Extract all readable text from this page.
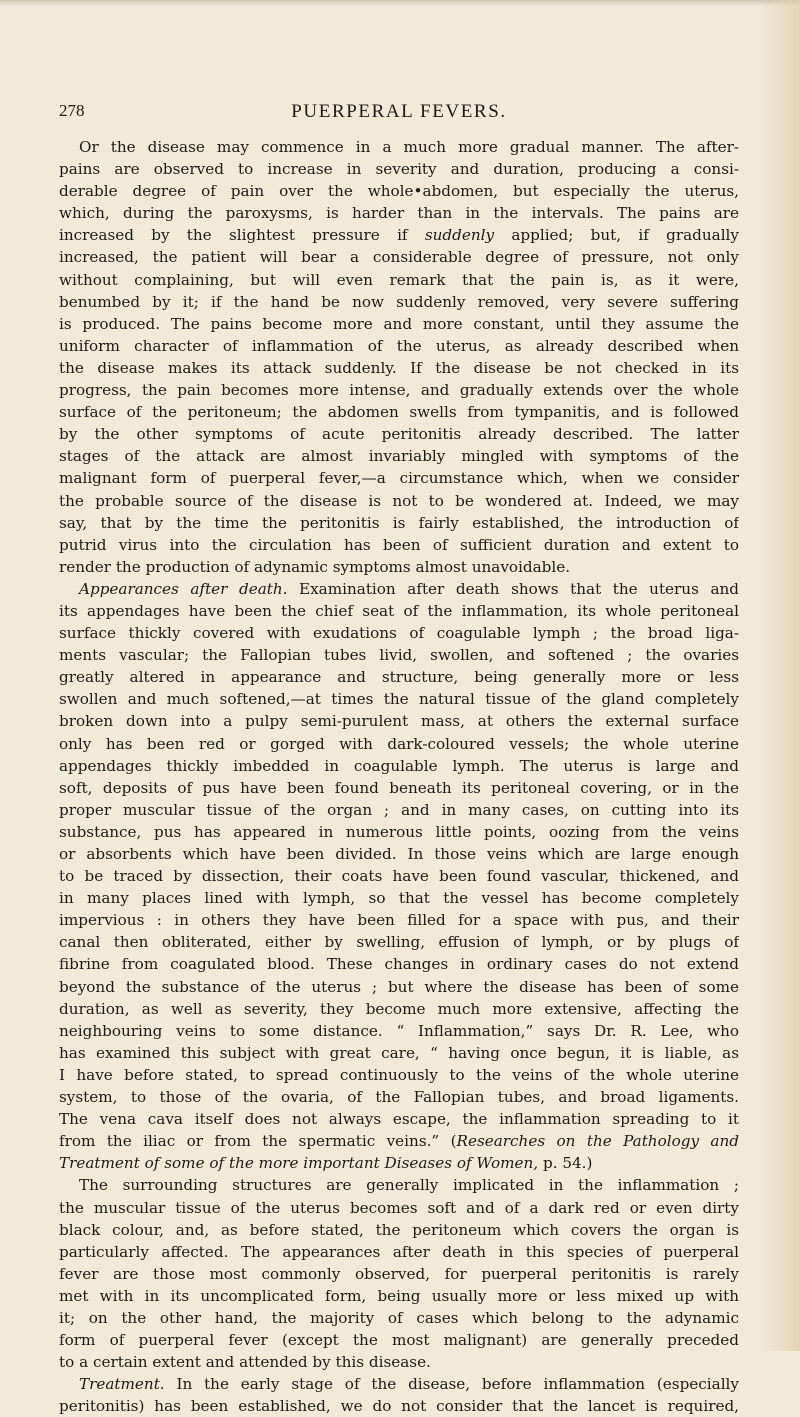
278	PUERPERAL FEVERS.
Or the disease may commence in a much more gradual manner. The after-
pains are observed to increase in severity and duration, producing a consi-
derable degree of pain over the whole•abdomen, but especially the uterus,
which, during the paroxysms, is harder than in the intervals. The pains are
increased by the slightest pressure if suddenly applied; but, if gradually
increased, the patient will bear a considerable degree of pressure, not only
without complaining, but will even remark that the pain is, as it were,
benumbed by it; if the hand be now suddenly removed, very severe suffering
is produced. The pains become more and more constant, until they assume the
uniform character of inflammation of the uterus, as already described when
the disease makes its attack suddenly. If the disease be not checked in its
progress, the pain becomes more intense, and gradually extends over the whole
surface of the peritoneum; the abdomen swells from tympanitis, and is followed
by the other symptoms of acute peritonitis already described. The latter
stages of the attack are almost invariably mingled with symptoms of the
malignant form of puerperal fever,—a circumstance which, when we consider
the probable source of the disease is not to be wondered at. Indeed, we may
say, that by the time the peritonitis is fairly established, the introduction of
putrid virus into the circulation has been of sufficient duration and extent to
render the production of adynamic symptoms almost unavoidable.
Appearances after death. Examination after death shows that the uterus and
its appendages have been the chief seat of the inflammation, its whole peritoneal
surface thickly covered with exudations of coagulable lymph ; the broad liga-
ments vascular; the Fallopian tubes livid, swollen, and softened ; the ovaries
greatly altered in appearance and structure, being generally more or less
swollen and much softened,—at times the natural tissue of the gland completely
broken down into a pulpy semi-purulent mass, at others the external surface
only has been red or gorged with dark-coloured vessels; the whole uterine
appendages thickly imbedded in coagulable lymph. The uterus is large and
soft, deposits of pus have been found beneath its peritoneal covering, or in the
proper muscular tissue of the organ ; and in many cases, on cutting into its
substance, pus has appeared in numerous little points, oozing from the veins
or absorbents which have been divided. In those veins which are large enough
to be traced by dissection, their coats have been found vascular, thickened, and
in many places lined with lymph, so that the vessel has become completely
impervious : in others they have been filled for a space with pus, and their
canal then obliterated, either by swelling, effusion of lymph, or by plugs of
fibrine from coagulated blood. These changes in ordinary cases do not extend
beyond the substance of the uterus ; but where the disease has been of some
duration, as well as severity, they become much more extensive, affecting the
neighbouring veins to some distance. “ Inflammation,” says Dr. R. Lee, who
has examined this subject with great care, “ having once begun, it is liable, as
I have before stated, to spread continuously to the veins of the whole uterine
system, to those of the ovaria, of the Fallopian tubes, and broad ligaments.
The vena cava itself does not always escape, the inflammation spreading to it
from the iliac or from the spermatic veins.” (Researches on the Pathology and
Treatment of some of the more important Diseases of Women, p. 54.)
The surrounding structures are generally implicated in the inflammation ;
the muscular tissue of the uterus becomes soft and of a dark red or even dirty
black colour, and, as before stated, the peritoneum which covers the organ is
particularly affected. The appearances after death in this species of puerperal
fever are those most commonly observed, for puerperal peritonitis is rarely
met with in its uncomplicated form, being usually more or less mixed up with
it; on the other hand, the majority of cases which belong to the adynamic
form of puerperal fever (except the most malignant) are generally preceded
to a certain extent and attended by this disease.
Treatment. In the early stage of the disease, before inflammation (especially
peritonitis) has been established, we do not consider that the lancet is required,
